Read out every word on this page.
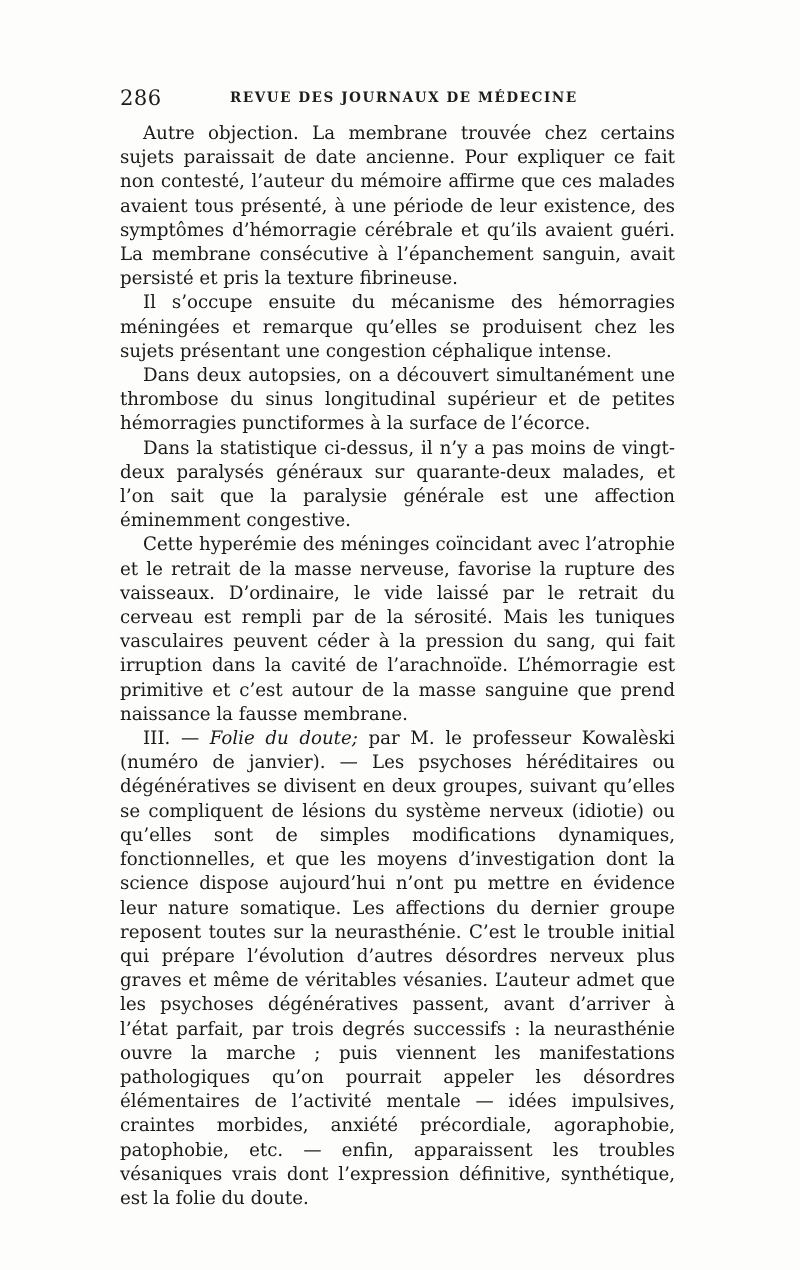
286	REVUE DES JOURNAUX DE MÉDECINE

Autre objection. La membrane trouvée chez certains sujets paraissait de date ancienne. Pour expliquer ce fait non contesté, l’auteur du mémoire affirme que ces malades avaient tous présenté, à une période de leur existence, des symptômes d’hémorragie cérébrale et qu’ils avaient guéri. La membrane consécutive à l’épanchement sanguin, avait persisté et pris la texture fibrineuse.

Il s’occupe ensuite du mécanisme des hémorragies méningées et remarque qu’elles se produisent chez les sujets présentant une congestion céphalique intense.

Dans deux autopsies, on a découvert simultanément une thrombose du sinus longitudinal supérieur et de petites hémorragies punctiformes à la surface de l’écorce.

Dans la statistique ci-dessus, il n’y a pas moins de vingt-deux paralysés généraux sur quarante-deux malades, et l’on sait que la paralysie générale est une affection éminemment congestive.

Cette hyperémie des méninges coïncidant avec l’atrophie et le retrait de la masse nerveuse, favorise la rupture des vaisseaux. D’ordinaire, le vide laissé par le retrait du cerveau est rempli par de la sérosité. Mais les tuniques vasculaires peuvent céder à la pression du sang, qui fait irruption dans la cavité de l’arachnoïde. L’hémorragie est primitive et c’est autour de la masse sanguine que prend naissance la fausse membrane.

III. — Folie du doute; par M. le professeur Kowalèski (numéro de janvier). — Les psychoses héréditaires ou dégénératives se divisent en deux groupes, suivant qu’elles se compliquent de lésions du système nerveux (idiotie) ou qu’elles sont de simples modifications dynamiques, fonctionnelles, et que les moyens d’investigation dont la science dispose aujourd’hui n’ont pu mettre en évidence leur nature somatique. Les affections du dernier groupe reposent toutes sur la neurasthénie. C’est le trouble initial qui prépare l’évolution d’autres désordres nerveux plus graves et même de véritables vésanies. L’auteur admet que les psychoses dégénératives passent, avant d’arriver à l’état parfait, par trois degrés successifs : la neurasthénie ouvre la marche ; puis viennent les manifestations pathologiques qu’on pourrait appeler les désordres élémentaires de l’activité mentale — idées impulsives, craintes morbides, anxiété précordiale, agoraphobie, patophobie, etc. — enfin, apparaissent les troubles vésaniques vrais dont l’expression définitive, synthétique, est la folie du doute.
